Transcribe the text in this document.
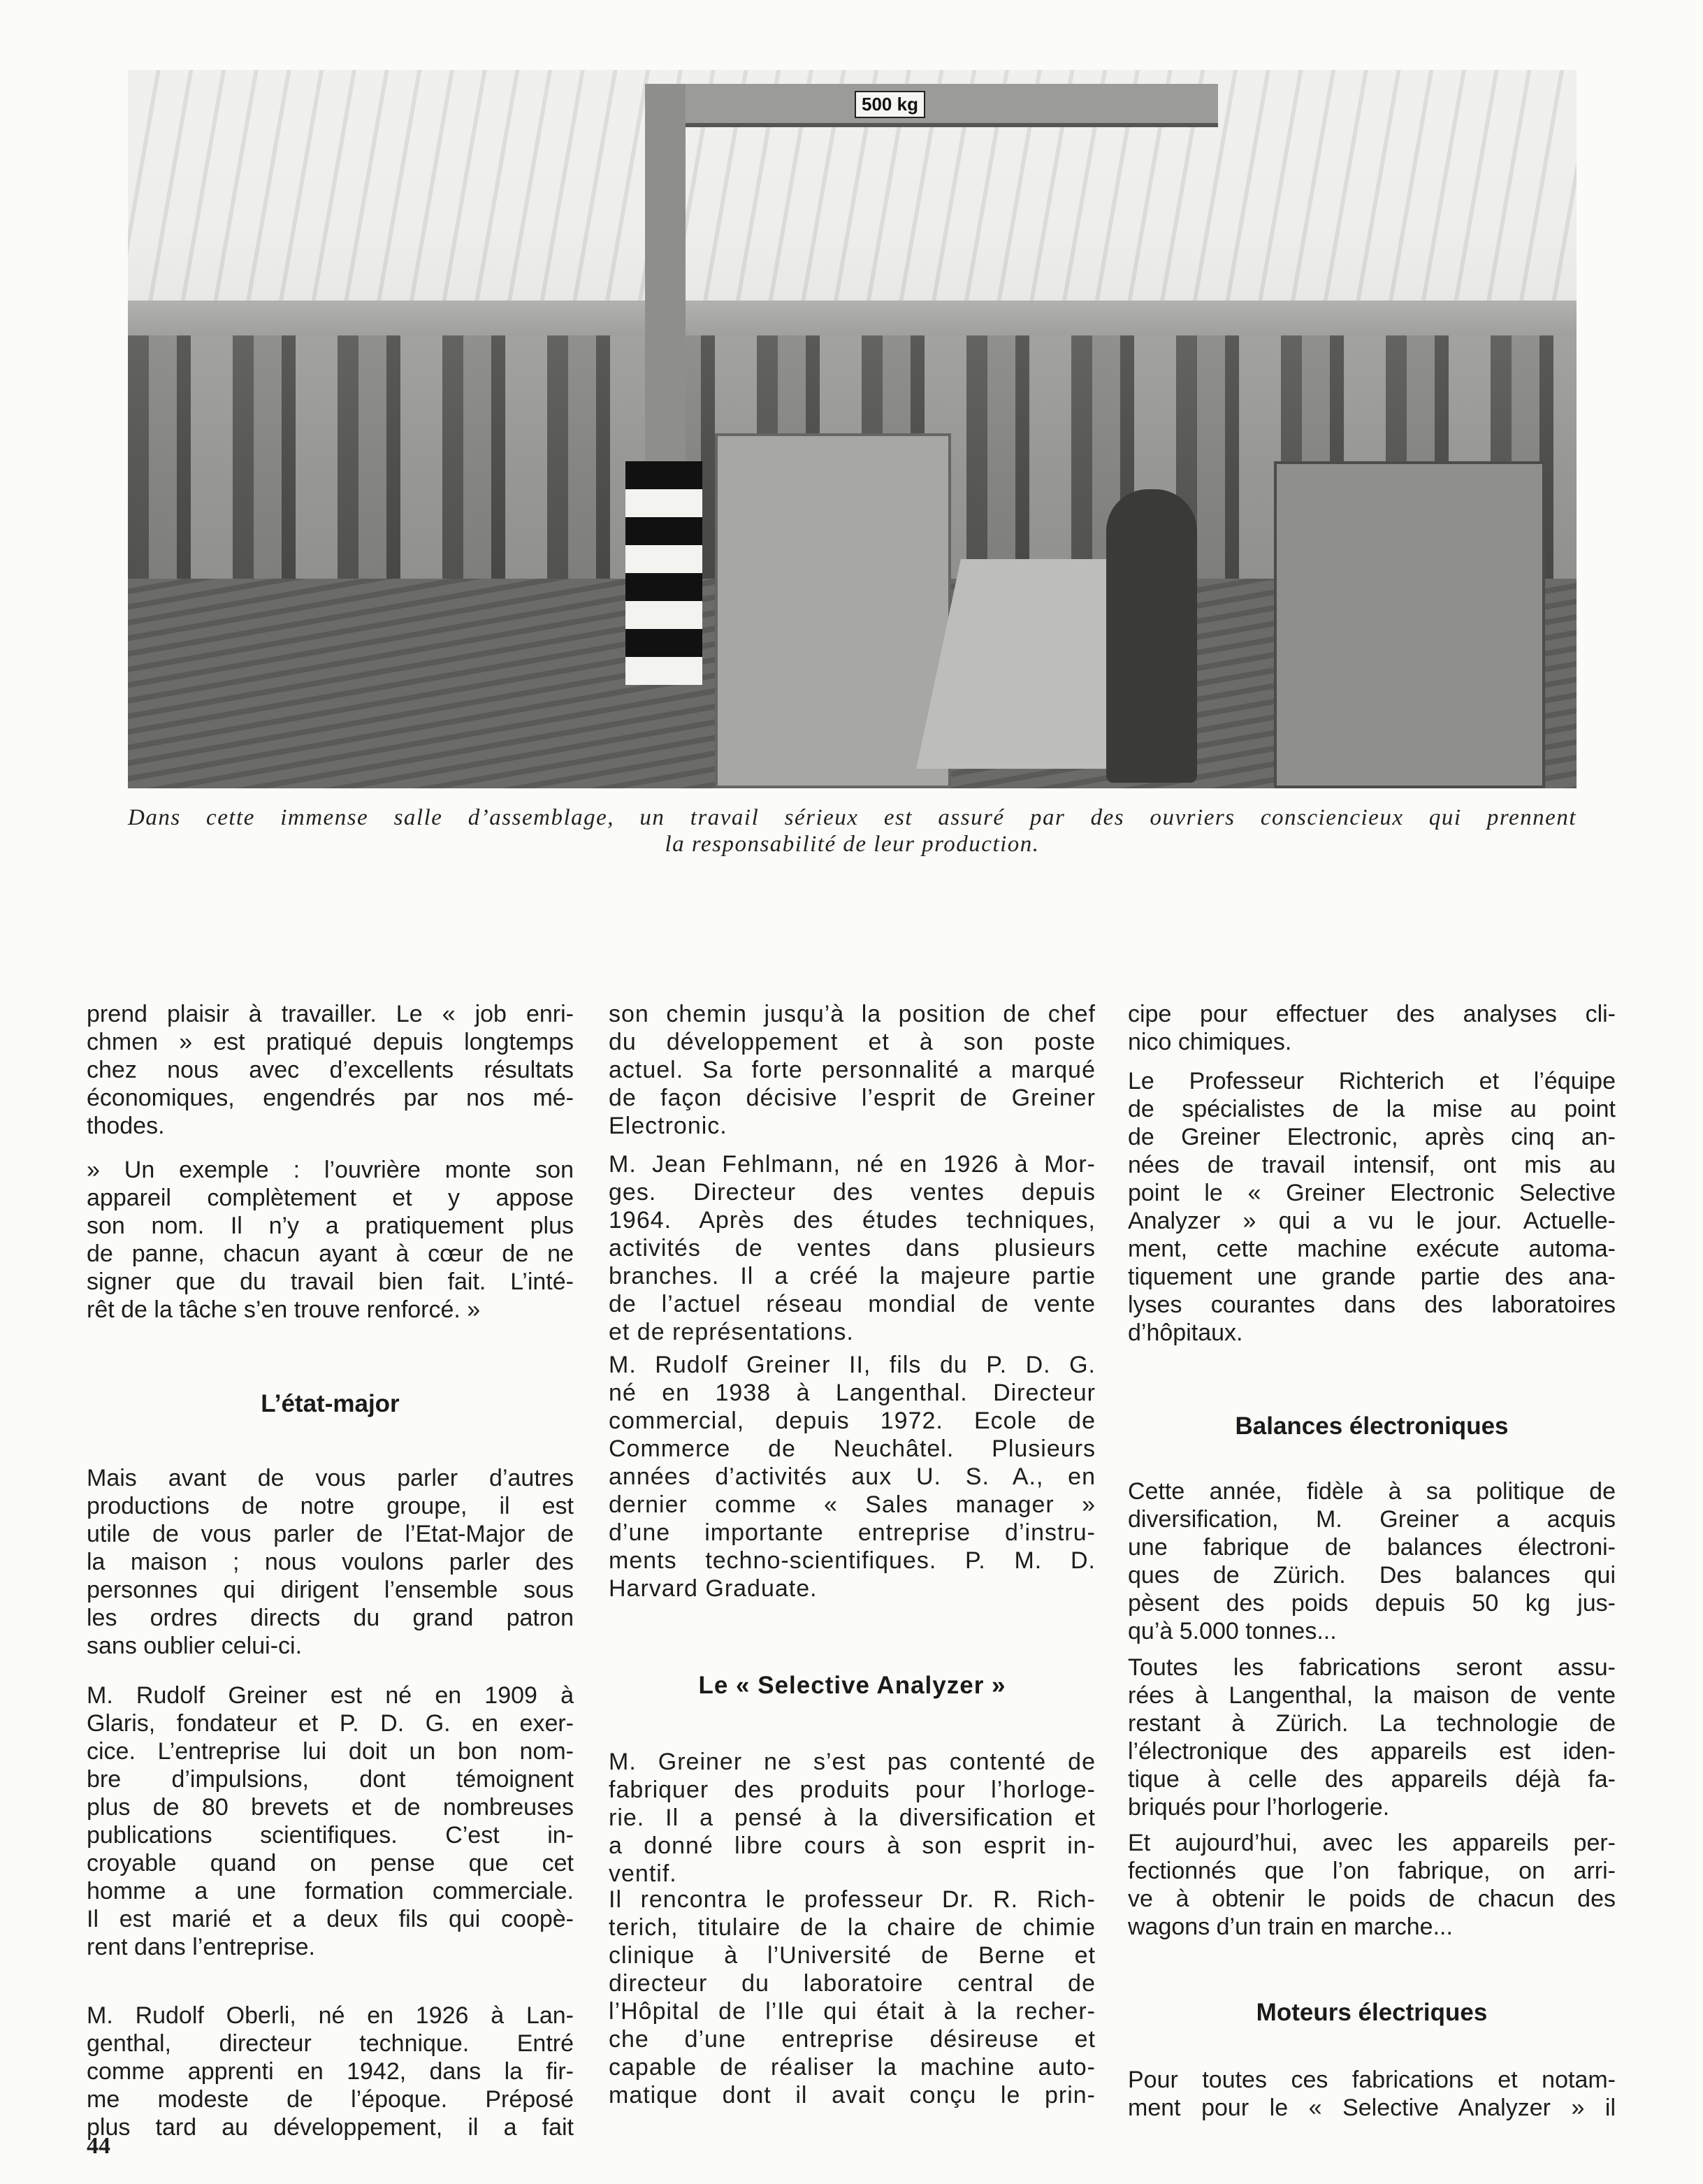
500 kg
Dans cette immense salle d’assemblage, un travail sérieux est assuré par des ouvriers consciencieux qui prennent
la responsabilité de leur production.
prend plaisir à travailler. Le « job enri-
chmen » est pratiqué depuis longtemps
chez nous avec d’excellents résultats
économiques, engendrés par nos mé-
thodes.
» Un exemple : l’ouvrière monte son
appareil complètement et y appose
son nom. Il n’y a pratiquement plus
de panne, chacun ayant à cœur de ne
signer que du travail bien fait. L’inté-
rêt de la tâche s’en trouve renforcé. »
L’état-major
Mais avant de vous parler d’autres
productions de notre groupe, il est
utile de vous parler de l’Etat-Major de
la maison ; nous voulons parler des
personnes qui dirigent l’ensemble sous
les ordres directs du grand patron
sans oublier celui-ci.
M. Rudolf Greiner est né en 1909 à
Glaris, fondateur et P. D. G. en exer-
cice. L’entreprise lui doit un bon nom-
bre d’impulsions, dont témoignent
plus de 80 brevets et de nombreuses
publications scientifiques. C’est in-
croyable quand on pense que cet
homme a une formation commerciale.
Il est marié et a deux fils qui coopè-
rent dans l’entreprise.
M. Rudolf Oberli, né en 1926 à Lan-
genthal, directeur technique. Entré
comme apprenti en 1942, dans la fir-
me modeste de l’époque. Préposé
plus tard au développement, il a fait
son chemin jusqu’à la position de chef
du développement et à son poste
actuel. Sa forte personnalité a marqué
de façon décisive l’esprit de Greiner
Electronic.
M. Jean Fehlmann, né en 1926 à Mor-
ges. Directeur des ventes depuis
1964. Après des études techniques,
activités de ventes dans plusieurs
branches. Il a créé la majeure partie
de l’actuel réseau mondial de vente
et de représentations.
M. Rudolf Greiner II, fils du P. D. G.
né en 1938 à Langenthal. Directeur
commercial, depuis 1972. Ecole de
Commerce de Neuchâtel. Plusieurs
années d’activités aux U. S. A., en
dernier comme « Sales manager »
d’une importante entreprise d’instru-
ments techno-scientifiques. P. M. D.
Harvard Graduate.
Le « Selective Analyzer »
M. Greiner ne s’est pas contenté de
fabriquer des produits pour l’horloge-
rie. Il a pensé à la diversification et
a donné libre cours à son esprit in-
ventif.
Il rencontra le professeur Dr. R. Rich-
terich, titulaire de la chaire de chimie
clinique à l’Université de Berne et
directeur du laboratoire central de
l’Hôpital de l’Ile qui était à la recher-
che d’une entreprise désireuse et
capable de réaliser la machine auto-
matique dont il avait conçu le prin-
cipe pour effectuer des analyses cli-
nico chimiques.
Le Professeur Richterich et l’équipe
de spécialistes de la mise au point
de Greiner Electronic, après cinq an-
nées de travail intensif, ont mis au
point le « Greiner Electronic Selective
Analyzer » qui a vu le jour. Actuelle-
ment, cette machine exécute automa-
tiquement une grande partie des ana-
lyses courantes dans des laboratoires
d’hôpitaux.
Balances électroniques
Cette année, fidèle à sa politique de
diversification, M. Greiner a acquis
une fabrique de balances électroni-
ques de Zürich. Des balances qui
pèsent des poids depuis 50 kg jus-
qu’à 5.000 tonnes...
Toutes les fabrications seront assu-
rées à Langenthal, la maison de vente
restant à Zürich. La technologie de
l’électronique des appareils est iden-
tique à celle des appareils déjà fa-
briqués pour l’horlogerie.
Et aujourd’hui, avec les appareils per-
fectionnés que l’on fabrique, on arri-
ve à obtenir le poids de chacun des
wagons d’un train en marche...
Moteurs électriques
Pour toutes ces fabrications et notam-
ment pour le « Selective Analyzer » il
44
